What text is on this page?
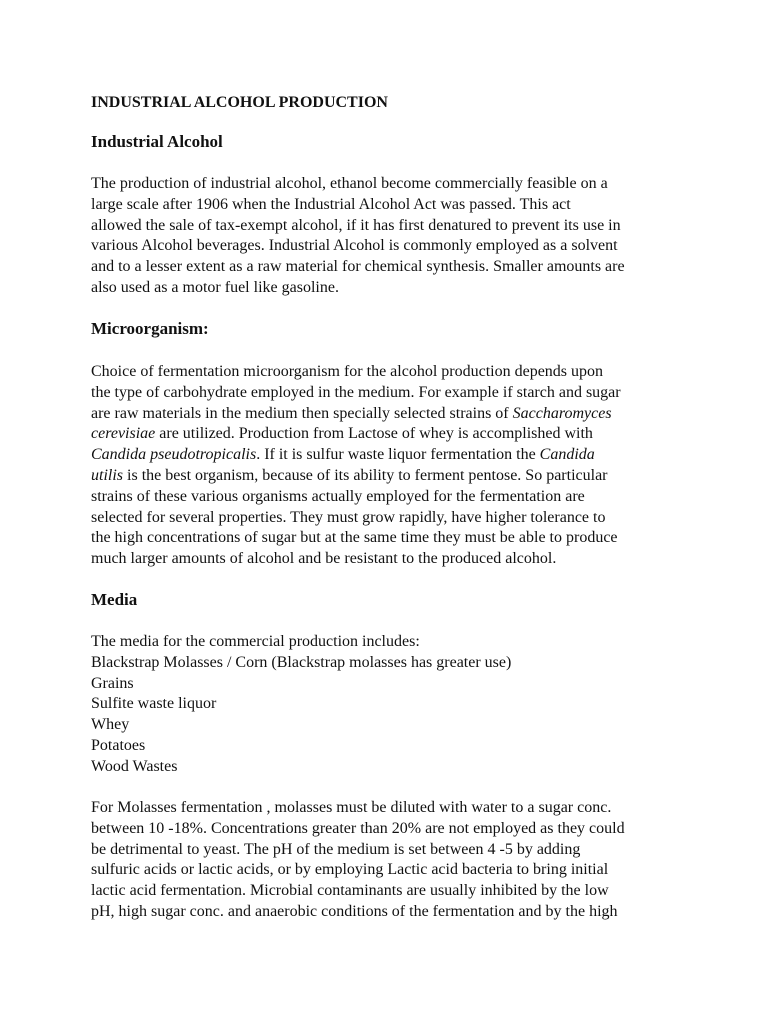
INDUSTRIAL ALCOHOL PRODUCTION
Industrial Alcohol
The production of industrial alcohol, ethanol become commercially feasible on a
large scale after 1906 when the Industrial Alcohol Act was passed. This act
allowed the sale of tax-exempt alcohol, if it has first denatured to prevent its use in
various Alcohol beverages. Industrial Alcohol is commonly employed as a solvent
and to a lesser extent as a raw material for chemical synthesis. Smaller amounts are
also used as a motor fuel like gasoline.
Microorganism:
Choice of fermentation microorganism for the alcohol production depends upon
the type of carbohydrate employed in the medium. For example if starch and sugar
are raw materials in the medium then specially selected strains of Saccharomyces
cerevisiae are utilized. Production from Lactose of whey is accomplished with
Candida pseudotropicalis. If it is sulfur waste liquor fermentation the Candida
utilis is the best organism, because of its ability to ferment pentose. So particular
strains of these various organisms actually employed for the fermentation are
selected for several properties. They must grow rapidly, have higher tolerance to
the high concentrations of sugar but at the same time they must be able to produce
much larger amounts of alcohol and be resistant to the produced alcohol.
Media
The media for the commercial production includes:
Blackstrap Molasses / Corn (Blackstrap molasses has greater use)
Grains
Sulfite waste liquor
Whey
Potatoes
Wood Wastes
For Molasses fermentation , molasses must be diluted with water to a sugar conc.
between 10 -18%. Concentrations greater than 20% are not employed as they could
be detrimental to yeast. The pH of the medium is set between 4 -5 by adding
sulfuric acids or lactic acids, or by employing Lactic acid bacteria to bring initial
lactic acid fermentation. Microbial contaminants are usually inhibited by the low
pH, high sugar conc. and anaerobic conditions of the fermentation and by the high
